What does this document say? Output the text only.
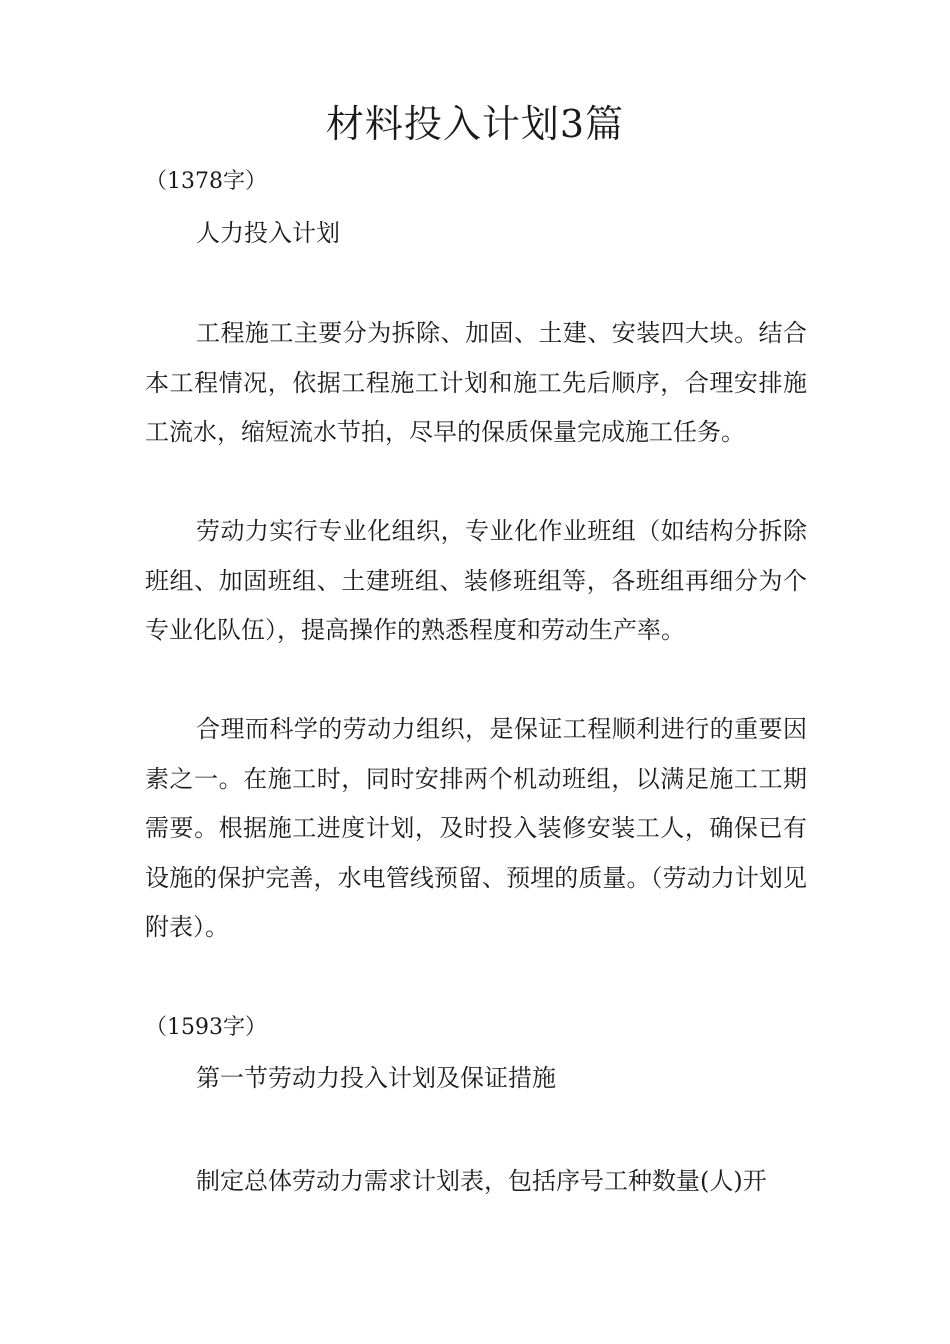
材料投入计划3篇
（1378字）
人力投入计划

工程施工主要分为拆除、加固、土建、安装四大块。结合本工程情况，依据工程施工计划和施工先后顺序，合理安排施工流水，缩短流水节拍，尽早的保质保量完成施工任务。

劳动力实行专业化组织，专业化作业班组（如结构分拆除班组、加固班组、土建班组、装修班组等，各班组再细分为个专业化队伍），提高操作的熟悉程度和劳动生产率。

合理而科学的劳动力组织，是保证工程顺利进行的重要因素之一。在施工时，同时安排两个机动班组，以满足施工工期需要。根据施工进度计划，及时投入装修安装工人，确保已有设施的保护完善，水电管线预留、预埋的质量。（劳动力计划见附表）。

（1593字）
第一节劳动力投入计划及保证措施

制定总体劳动力需求计划表，包括序号工种数量(人)开
